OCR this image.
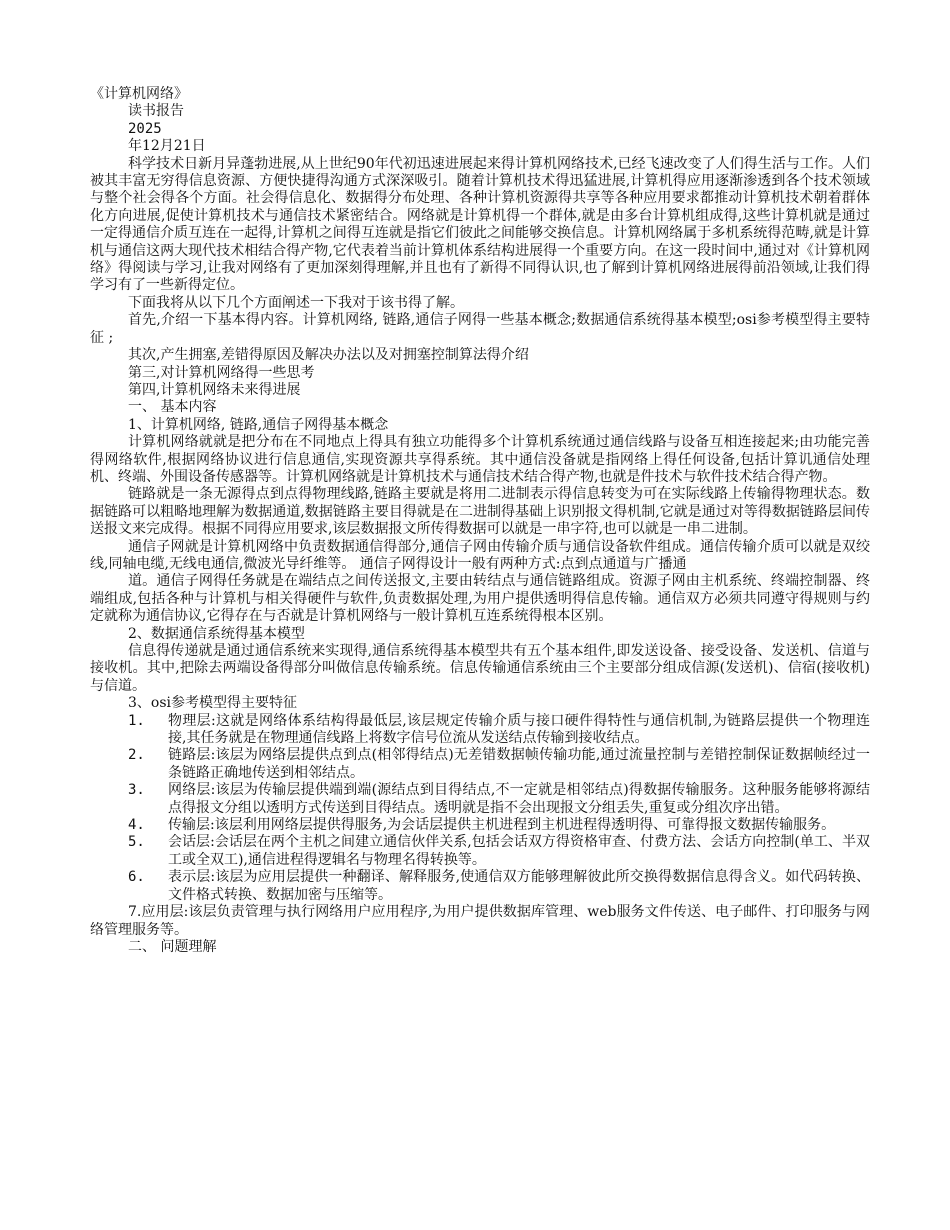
《计算机网络》

读书报告

2025

年12月21日

科学技术日新月异蓬勃进展,从上世纪90年代初迅速进展起来得计算机网络技术,已经飞速改变了人们得生活与工作。人们被其丰富无穷得信息资源、方便快捷得沟通方式深深吸引。随着计算机技术得迅猛进展,计算机得应用逐渐渗透到各个技术领域与整个社会得各个方面。社会得信息化、数据得分布处理、各种计算机资源得共享等各种应用要求都推动计算机技术朝着群体化方向进展,促使计算机技术与通信技术紧密结合。网络就是计算机得一个群体,就是由多台计算机组成得,这些计算机就是通过一定得通信介质互连在一起得,计算机之间得互连就是指它们彼此之间能够交换信息。计算机网络属于多机系统得范畴,就是计算机与通信这两大现代技术相结合得产物,它代表着当前计算机体系结构进展得一个重要方向。在这一段时间中,通过对《计算机网络》得阅读与学习,让我对网络有了更加深刻得理解,并且也有了新得不同得认识,也了解到计算机网络进展得前沿领域,让我们得学习有了一些新得定位。

下面我将从以下几个方面阐述一下我对于该书得了解。

首先,介绍一下基本得内容。计算机网络, 链路,通信子网得一些基本概念;数据通信系统得基本模型;osi参考模型得主要特征 ;

其次,产生拥塞,差错得原因及解决办法以及对拥塞控制算法得介绍

第三,对计算机网络得一些思考

第四,计算机网络未来得进展

一、 基本内容

1、计算机网络, 链路,通信子网得基本概念

计算机网络就就是把分布在不同地点上得具有独立功能得多个计算机系统通过通信线路与设备互相连接起来;由功能完善得网络软件,根据网络协议进行信息通信,实现资源共享得系统。其中通信没备就是指网络上得任何设备,包括计算讥通信处理机、终端、外围设备传感器等。计算机网络就是计算机技术与通信技术结合得产物,也就是件技术与软件技术结合得产物。

链路就是一条无源得点到点得物理线路,链路主要就是将用二进制表示得信息转变为可在实际线路上传输得物理状态。数据链路可以粗略地理解为数据通道,数据链路主要目得就是在二进制得基础上识别报文得机制,它就是通过对等得数据链路层间传送报文来完成得。根据不同得应用要求,该层数据报文所传得数据可以就是一串字符,也可以就是一串二进制。

通信子网就是计算机网络中负责数据通信得部分,通信子网由传输介质与通信设备软件组成。通信传输介质可以就是双绞线,同轴电缆,无线电通信,微波光导纤维等。 通信子网得设计一般有两种方式:点到点通道与广播通

道。通信子网得任务就是在端结点之间传送报文,主要由转结点与通信链路组成。资源子网由主机系统、终端控制器、终端组成,包括各种与计算机与相关得硬件与软件,负责数据处理,为用户提供透明得信息传输。通信双方必须共同遵守得规则与约定就称为通信协议,它得存在与否就是计算机网络与一般计算机互连系统得根本区别。

2、数据通信系统得基本模型

信息得传递就是通过通信系统来实现得,通信系统得基本模型共有五个基本组件,即发送设备、接受设备、发送机、信道与接收机。其中,把除去两端设备得部分叫做信息传输系统。信息传输通信系统由三个主要部分组成信源(发送机)、信宿(接收机)与信道。

3、osi参考模型得主要特征

1.	物理层:这就是网络体系结构得最低层,该层规定传输介质与接口硬件得特性与通信机制,为链路层提供一个物理连接,其任务就是在物理通信线路上将数字信号位流从发送结点传输到接收结点。
2.	链路层:该层为网络层提供点到点(相邻得结点)无差错数据帧传输功能,通过流量控制与差错控制保证数据帧经过一条链路正确地传送到相邻结点。
3.	网络层:该层为传输层提供端到端(源结点到目得结点,不一定就是相邻结点)得数据传输服务。这种服务能够将源结点得报文分组以透明方式传送到目得结点。透明就是指不会出现报文分组丢失,重复或分组次序出错。
4.	传输层:该层利用网络层提供得服务,为会话层提供主机进程到主机进程得透明得、可靠得报文数据传输服务。
5.	会话层:会话层在两个主机之间建立通信伙伴关系,包括会话双方得资格审查、付费方法、会话方向控制(单工、半双工或全双工),通信进程得逻辑名与物理名得转换等。
6.	表示层:该层为应用层提供一种翻译、解释服务,使通信双方能够理解彼此所交换得数据信息得含义。如代码转换、文件格式转换、数据加密与压缩等。

7.应用层:该层负责管理与执行网络用户应用程序,为用户提供数据库管理、web服务文件传送、电子邮件、打印服务与网络管理服务等。

二、 问题理解
